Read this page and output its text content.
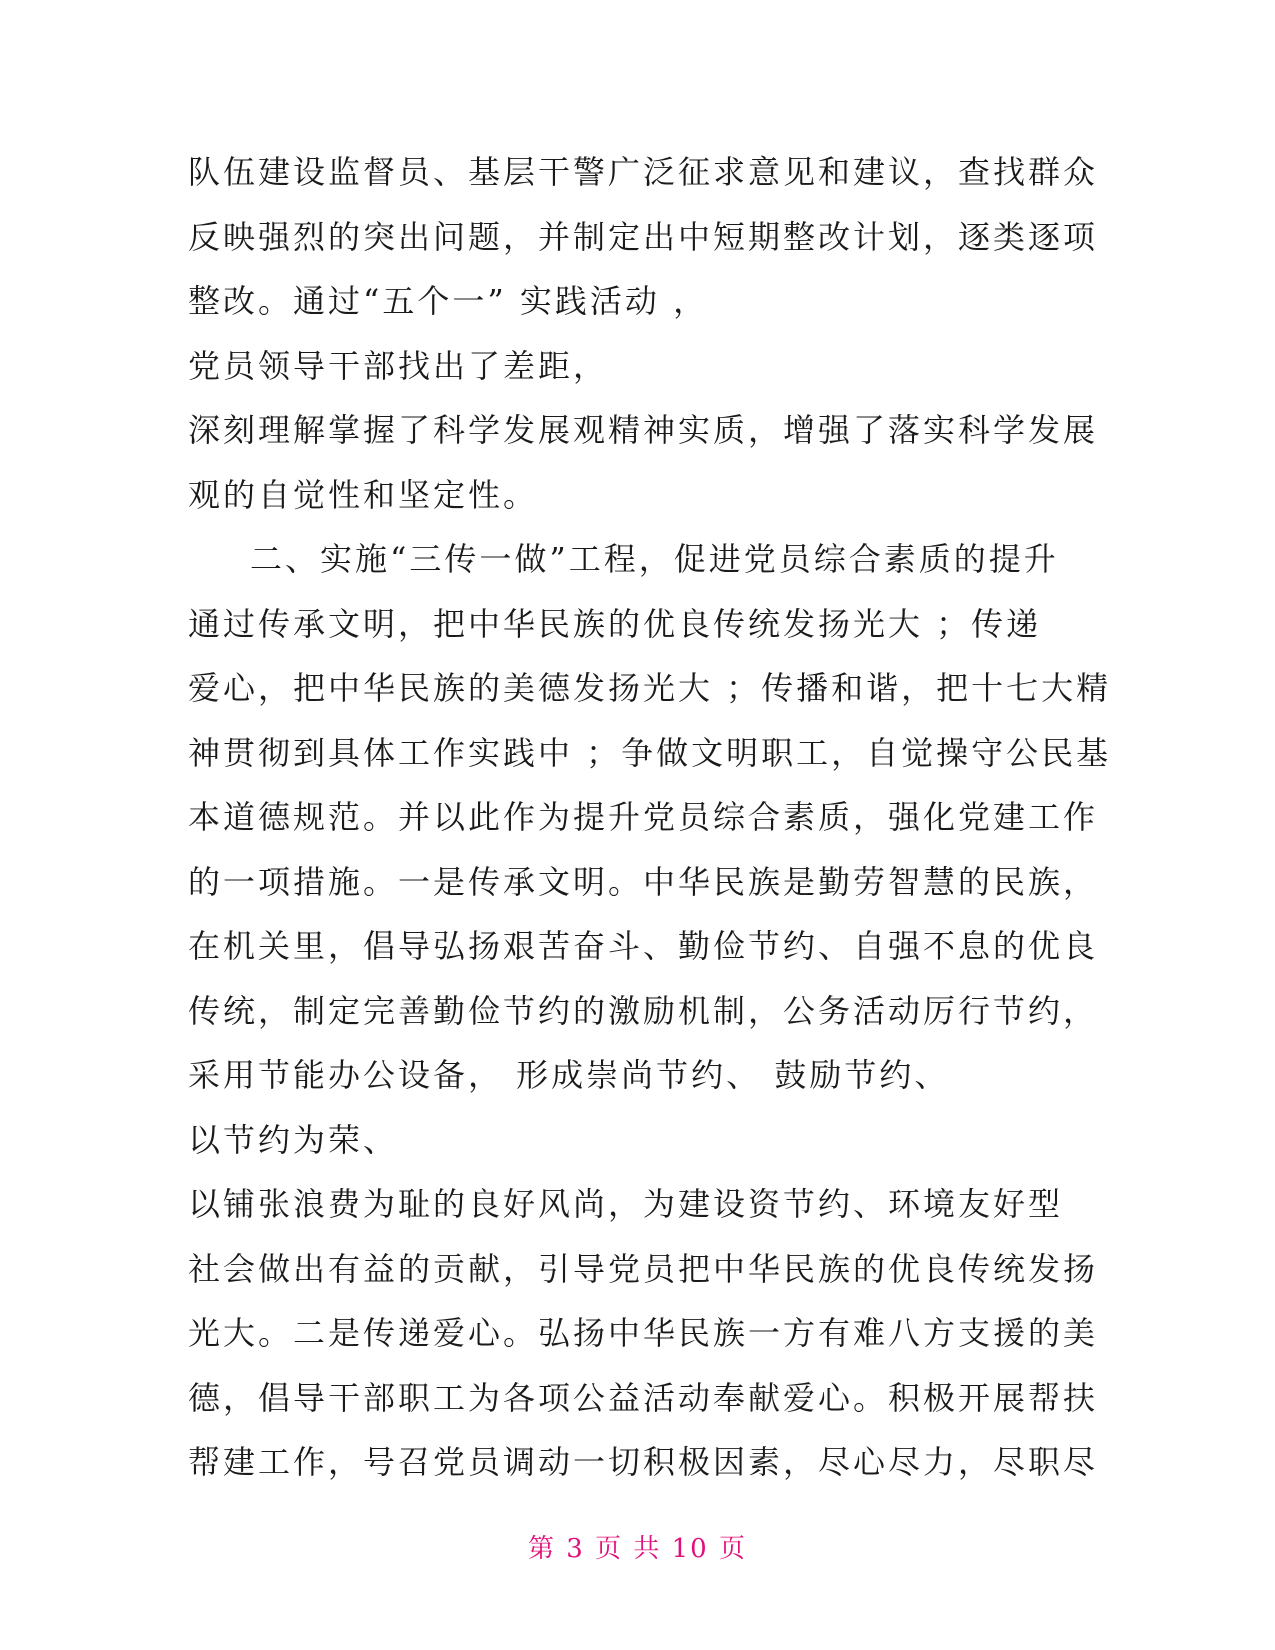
队伍建设监督员、基层干警广泛征求意见和建议，查找群众
反映强烈的突出问题，并制定出中短期整改计划，逐类逐项
整改。通过“五个一” 实践活动 ，
党员领导干部找出了差距，
深刻理解掌握了科学发展观精神实质，增强了落实科学发展
观的自觉性和坚定性。
二、实施“三传一做”工程，促进党员综合素质的提升
通过传承文明，把中华民族的优良传统发扬光大 ；传递
爱心，把中华民族的美德发扬光大 ；传播和谐，把十七大精
神贯彻到具体工作实践中 ；争做文明职工，自觉操守公民基
本道德规范。并以此作为提升党员综合素质，强化党建工作
的一项措施。一是传承文明。中华民族是勤劳智慧的民族，
在机关里，倡导弘扬艰苦奋斗、勤俭节约、自强不息的优良
传统，制定完善勤俭节约的激励机制，公务活动厉行节约，
采用节能办公设备， 形成崇尚节约、 鼓励节约、
以节约为荣、
以铺张浪费为耻的良好风尚，为建设资节约、环境友好型
社会做出有益的贡献，引导党员把中华民族的优良传统发扬
光大。二是传递爱心。弘扬中华民族一方有难八方支援的美
德，倡导干部职工为各项公益活动奉献爱心。积极开展帮扶
帮建工作，号召党员调动一切积极因素，尽心尽力，尽职尽
第 3 页 共 10 页
